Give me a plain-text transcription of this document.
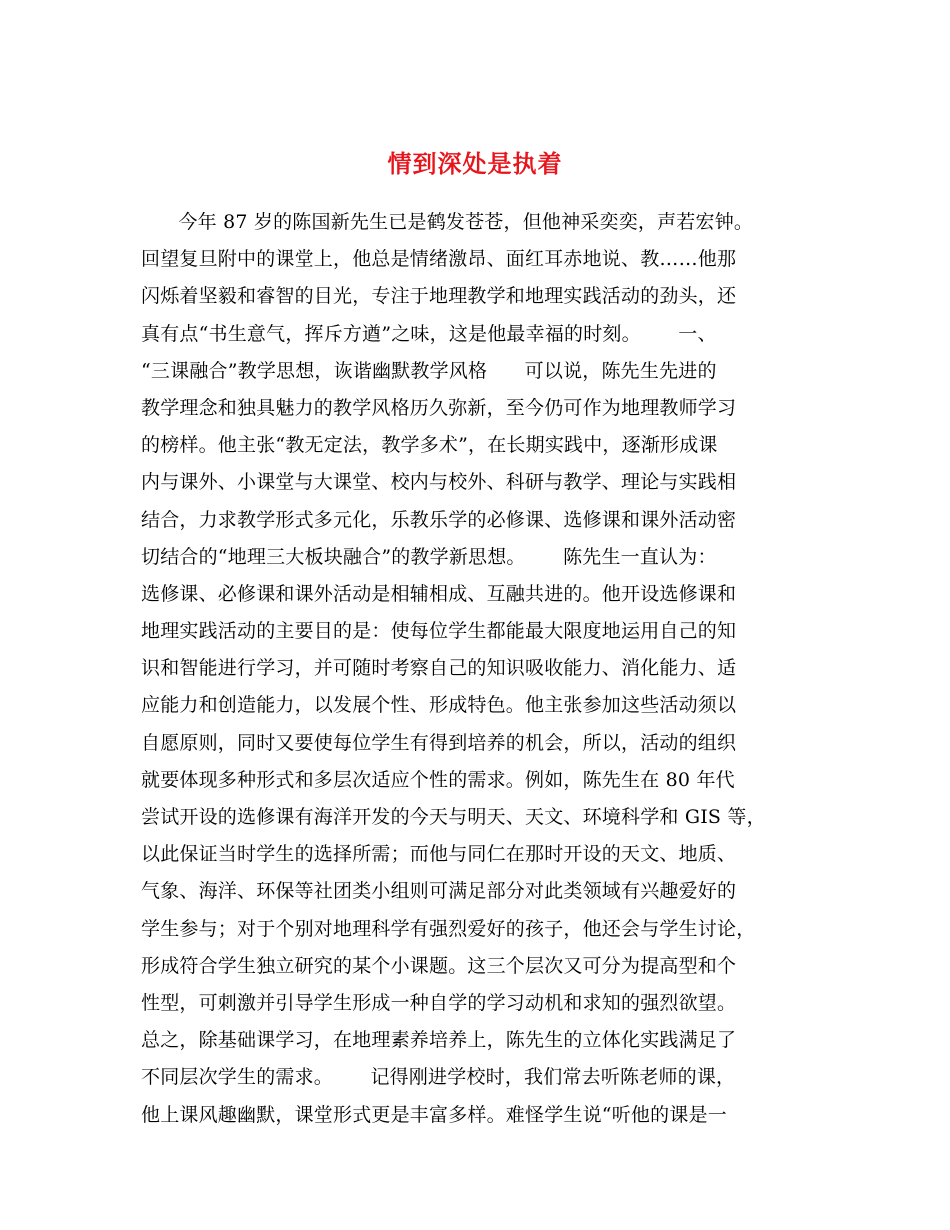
情到深处是执着
今年 87 岁的陈国新先生已是鹤发苍苍，但他神采奕奕，声若宏钟。
回望复旦附中的课堂上，他总是情绪激昂、面红耳赤地说、教……他那
闪烁着坚毅和睿智的目光，专注于地理教学和地理实践活动的劲头，还
真有点“书生意气，挥斥方遒”之味，这是他最幸福的时刻。      一、
“三课融合”教学思想，诙谐幽默教学风格      可以说，陈先生先进的
教学理念和独具魅力的教学风格历久弥新，至今仍可作为地理教师学习
的榜样。他主张“教无定法，教学多术”，在长期实践中，逐渐形成课
内与课外、小课堂与大课堂、校内与校外、科研与教学、理论与实践相
结合，力求教学形式多元化，乐教乐学的必修课、选修课和课外活动密
切结合的“地理三大板块融合”的教学新思想。      陈先生一直认为：
选修课、必修课和课外活动是相辅相成、互融共进的。他开设选修课和
地理实践活动的主要目的是：使每位学生都能最大限度地运用自己的知
识和智能进行学习，并可随时考察自己的知识吸收能力、消化能力、适
应能力和创造能力，以发展个性、形成特色。他主张参加这些活动须以
自愿原则，同时又要使每位学生有得到培养的机会，所以，活动的组织
就要体现多种形式和多层次适应个性的需求。例如，陈先生在 80 年代
尝试开设的选修课有海洋开发的今天与明天、天文、环境科学和 GIS 等，
以此保证当时学生的选择所需；而他与同仁在那时开设的天文、地质、
气象、海洋、环保等社团类小组则可满足部分对此类领域有兴趣爱好的
学生参与；对于个别对地理科学有强烈爱好的孩子，他还会与学生讨论，
形成符合学生独立研究的某个小课题。这三个层次又可分为提高型和个
性型，可刺激并引导学生形成一种自学的学习动机和求知的强烈欲望。
总之，除基础课学习，在地理素养培养上，陈先生的立体化实践满足了
不同层次学生的需求。      记得刚进学校时，我们常去听陈老师的课，
他上课风趣幽默，课堂形式更是丰富多样。难怪学生说“听他的课是一
